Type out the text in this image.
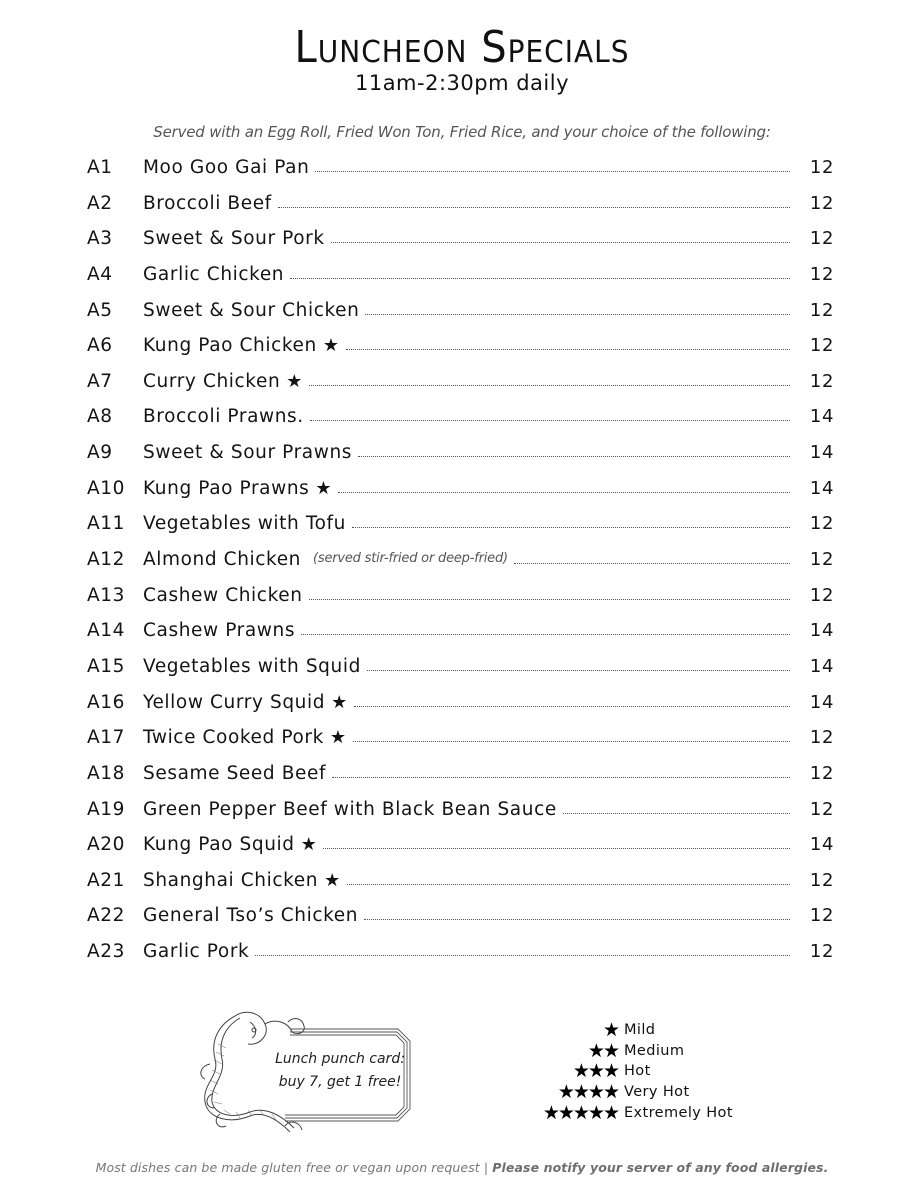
Luncheon Specials
11am-2:30pm daily
Served with an Egg Roll, Fried Won Ton, Fried Rice, and your choice of the following:
A1	Moo Goo Gai Pan	12
A2	Broccoli Beef	12
A3	Sweet & Sour Pork	12
A4	Garlic Chicken	12
A5	Sweet & Sour Chicken	12
A6	Kung Pao Chicken ★	12
A7	Curry Chicken ★	12
A8	Broccoli Prawns.	14
A9	Sweet & Sour Prawns	14
A10 Kung Pao Prawns ★	14
A11 Vegetables with Tofu	12
A12 Almond Chicken (served stir-fried or deep-fried)	12
A13 Cashew Chicken	12
A14 Cashew Prawns	14
A15 Vegetables with Squid	14
A16 Yellow Curry Squid ★	14
A17 Twice Cooked Pork ★	12
A18 Sesame Seed Beef	12
A19 Green Pepper Beef with Black Bean Sauce	12
A20 Kung Pao Squid ★	14
A21 Shanghai Chicken ★	12
A22 General Tso’s Chicken	12
A23 Garlic Pork	12
Lunch punch card:
buy 7, get 1 free!
★ Mild
★★ Medium
★★★ Hot
★★★★ Very Hot
★★★★★ Extremely Hot
Most dishes can be made gluten free or vegan upon request | Please notify your server of any food allergies.
